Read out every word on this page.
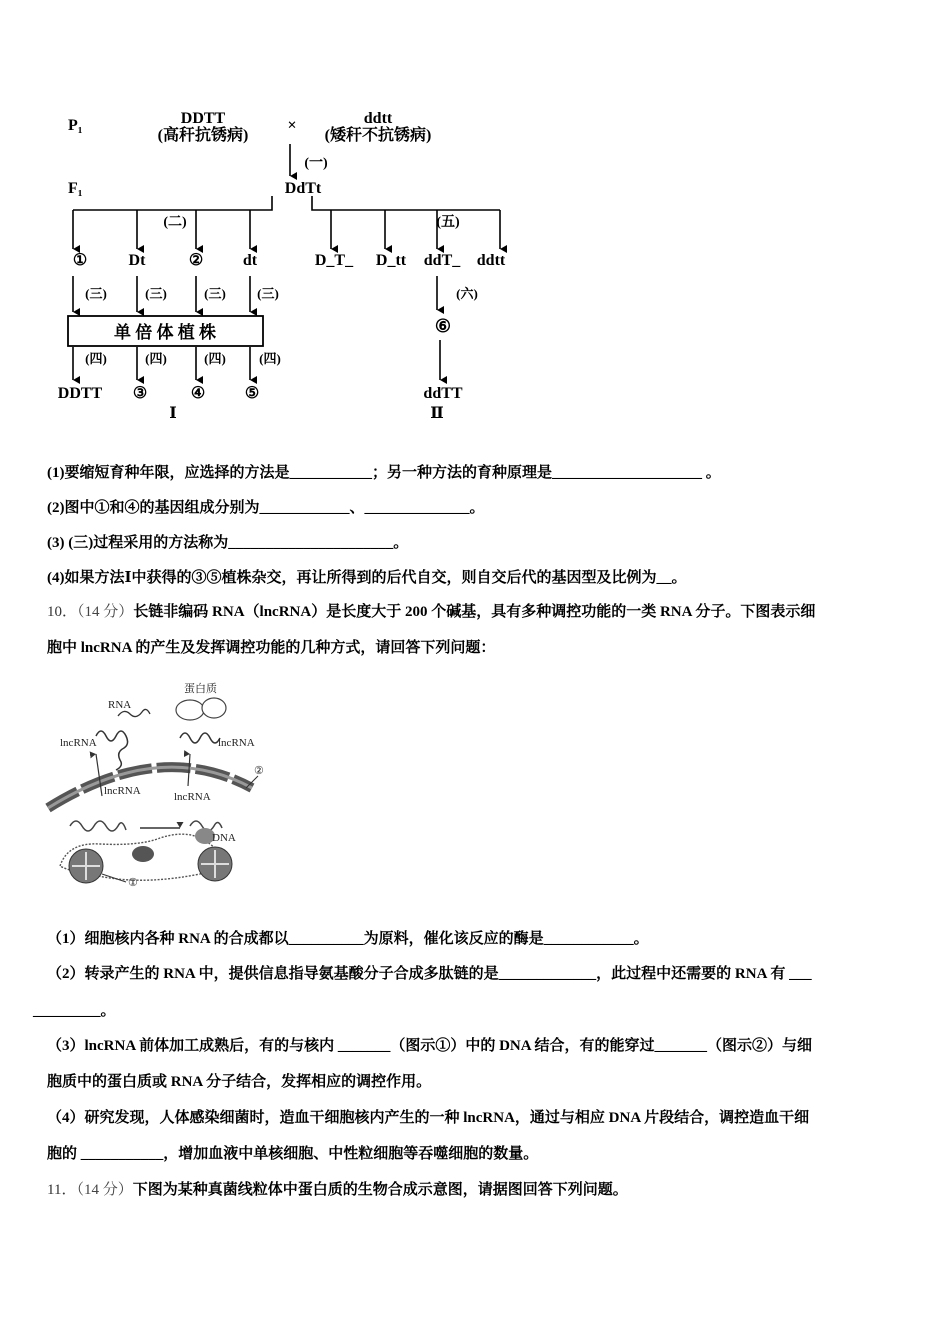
P₁
F₁
DDTT
(高秆抗锈病)
×	ddtt
(矮秆不抗锈病)
(一)
DdTt
(二)	(五)
①	Dt	② dt
(三)	(三)	(三) (三)
单 倍 体 植 株
(四)	(四)	(四)	(四)
DDTT ③	④ ⑤
Ⅰ
D_T_ D_tt ddT_ ddtt
(六)
⑥
ddTT
Ⅱ
(1)要缩短育种年限，应选择的方法是___________；另一种方法的育种原理是____________________ 。
(2)图中①和④的基因组成分别为____________、______________。
(3) (三)过程采用的方法称为______________________。
(4)如果方法Ⅰ中获得的③⑤植株杂交，再让所得到的后代自交，则自交后代的基因型及比例为__。
10．（14 分）长链非编码 RNA（lncRNA）是长度大于 200 个碱基，具有多种调控功能的一类 RNA 分子。下图表示细
胞中 lncRNA 的产生及发挥调控功能的几种方式，请回答下列问题：
RNA
蛋白质
lncRNA	lncRNA
lncRNA	lncRNA
DNA
①
②
（1）细胞核内各种 RNA 的合成都以__________为原料，催化该反应的酶是____________。
（2）转录产生的 RNA 中，提供信息指导氨基酸分子合成多肽链的是_____________，此过程中还需要的 RNA 有 ___
_________。
（3）lncRNA 前体加工成熟后，有的与核内 _______（图示①）中的 DNA 结合，有的能穿过_______（图示②）与细
胞质中的蛋白质或 RNA 分子结合，发挥相应的调控作用。
（4）研究发现，人体感染细菌时，造血干细胞核内产生的一种 lncRNA，通过与相应 DNA 片段结合，调控造血干细
胞的 ___________，增加血液中单核细胞、中性粒细胞等吞噬细胞的数量。
11．（14 分）下图为某种真菌线粒体中蛋白质的生物合成示意图，请据图回答下列问题。
